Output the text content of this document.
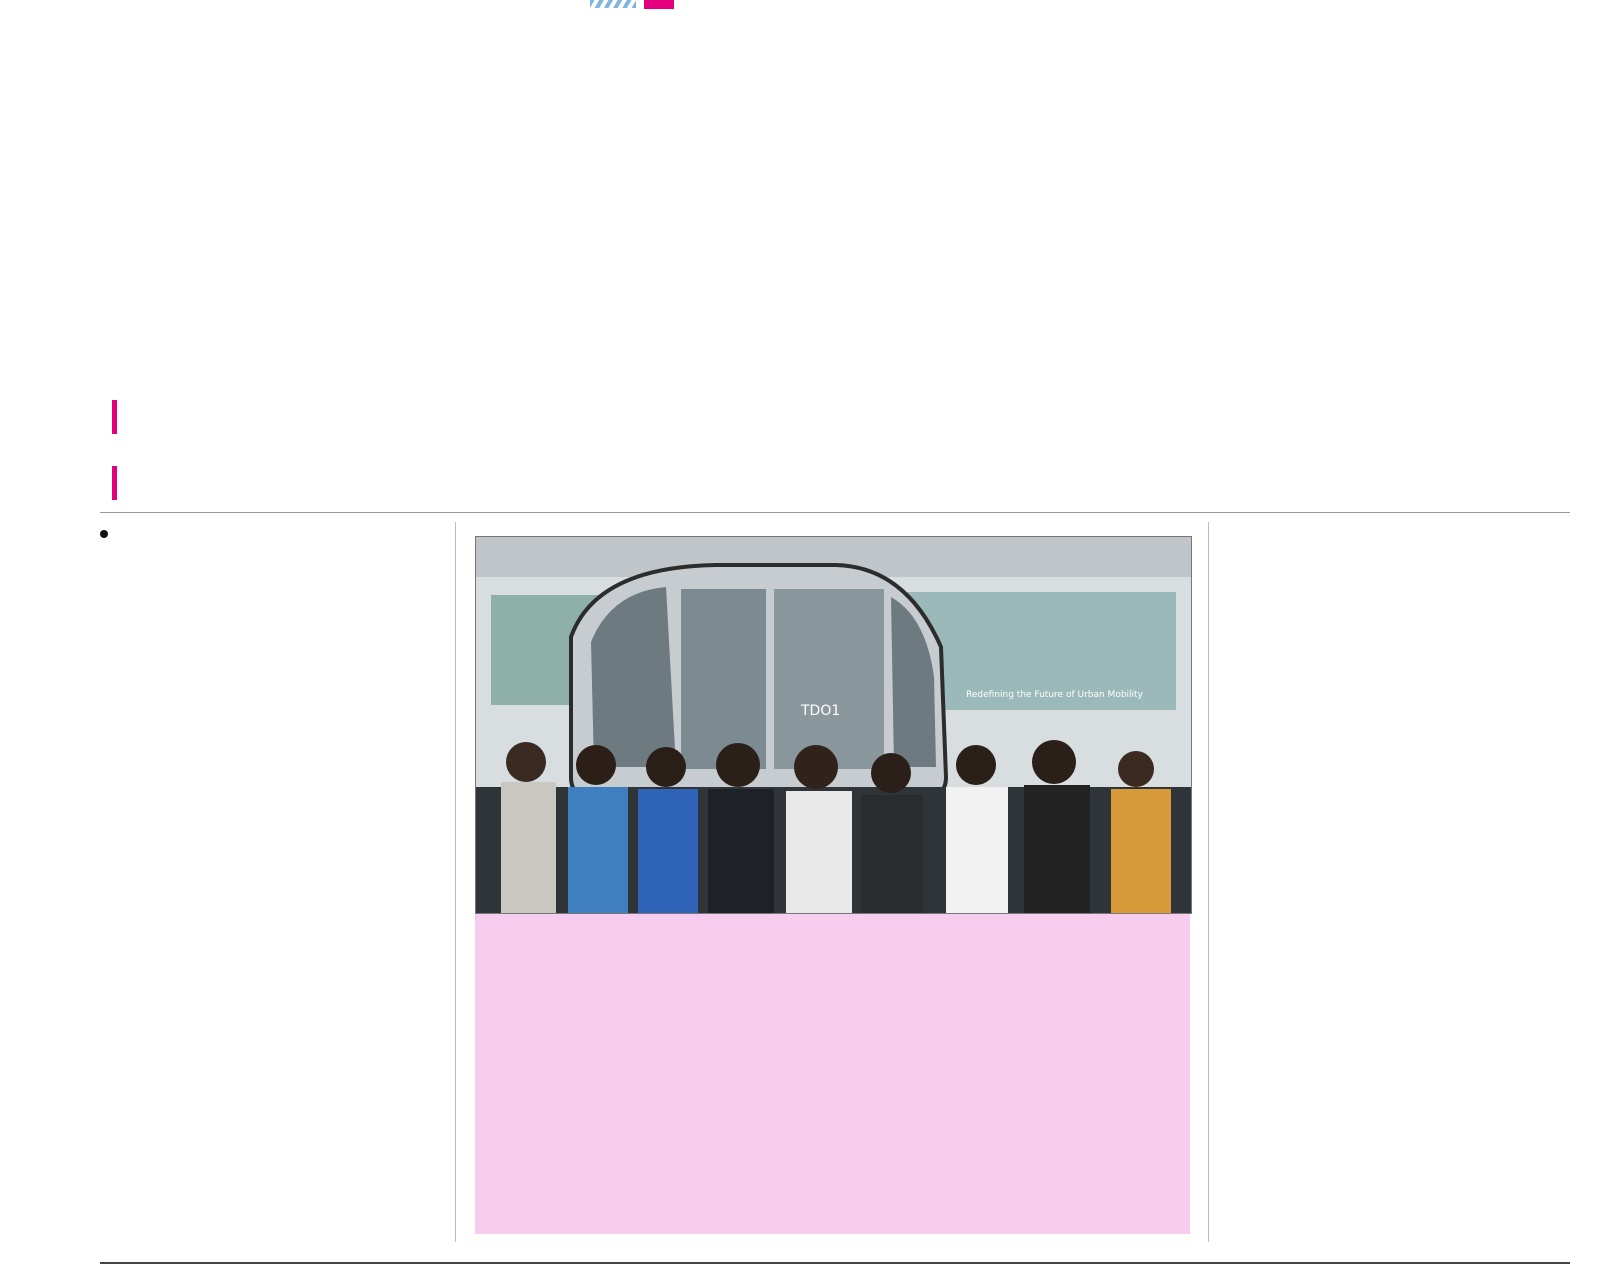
Redefining the Future of Urban Mobility
TDO1
